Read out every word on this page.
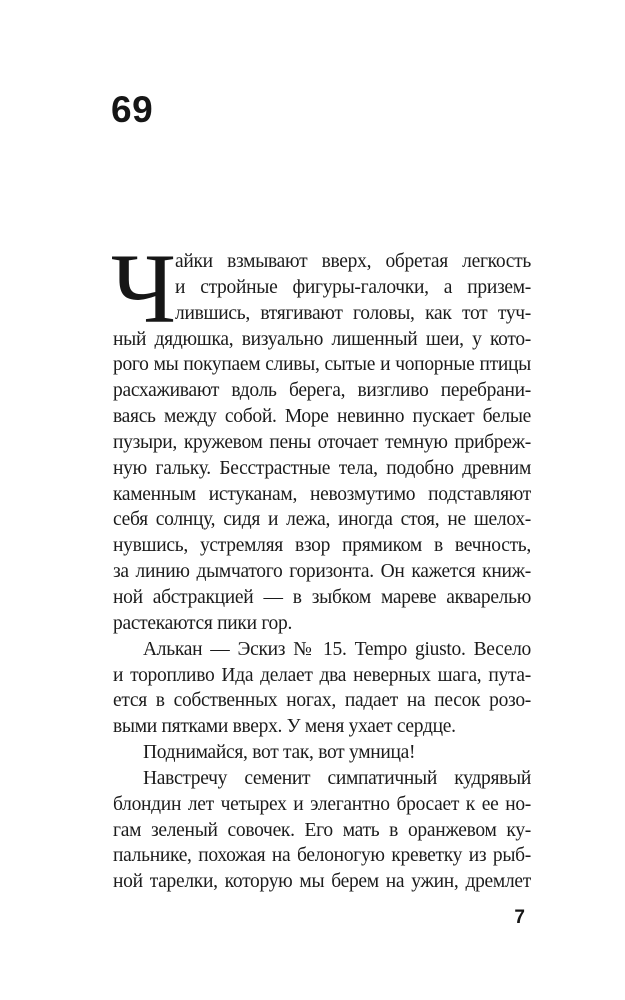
69
Ч айки взмывают вверх, обретая легкость
и стройные фигуры-галочки, а призем-
лившись, втягивают головы, как тот туч-
ный дядюшка, визуально лишенный шеи, у кото-
рого мы покупаем сливы, сытые и чопорные птицы
расхаживают вдоль берега, визгливо перебрани-
ваясь между собой. Море невинно пускает белые
пузыри, кружевом пены оточает темную прибреж-
ную гальку. Бесстрастные тела, подобно древним
каменным истуканам, невозмутимо подставляют
себя солнцу, сидя и лежа, иногда стоя, не шелох-
нувшись, устремляя взор прямиком в вечность,
за линию дымчатого горизонта. Он кажется книж-
ной абстракцией — в зыбком мареве акварелью
растекаются пики гор.
Алькан — Эскиз № 15. Tempo giusto. Весело
и торопливо Ида делает два неверных шага, пута-
ется в собственных ногах, падает на песок розо-
выми пятками вверх. У меня ухает сердце.
Поднимайся, вот так, вот умница!
Навстречу семенит симпатичный кудрявый
блондин лет четырех и элегантно бросает к ее но-
гам зеленый совочек. Его мать в оранжевом ку-
пальнике, похожая на белоногую креветку из рыб-
ной тарелки, которую мы берем на ужин, дремлет
7
